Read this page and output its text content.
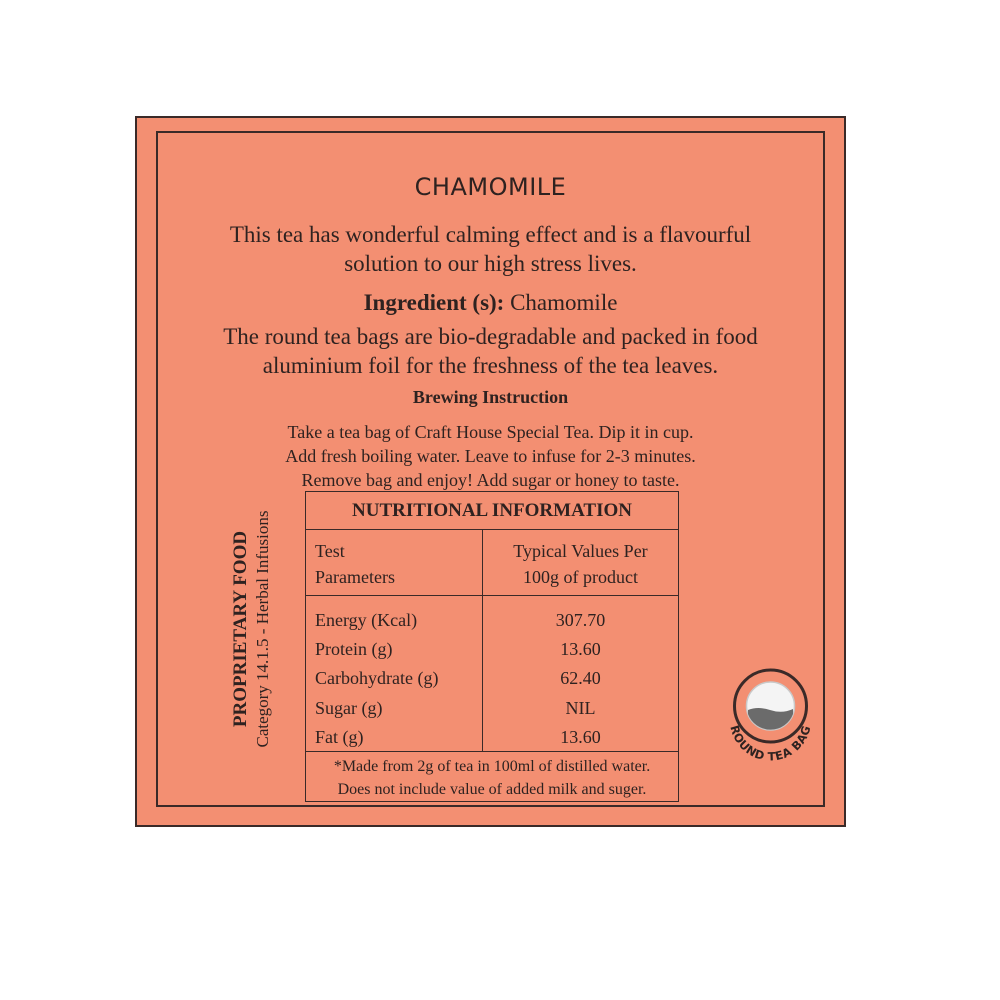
CHAMOMILE
This tea has wonderful calming effect and is a flavourful
solution to our high stress lives.
Ingredient (s): Chamomile
The round tea bags are bio-degradable and packed in food
aluminium foil for the freshness of the tea leaves.
Brewing Instruction
Take a tea bag of Craft House Special Tea. Dip it in cup.
Add fresh boiling water. Leave to infuse for 2-3 minutes.
Remove bag and enjoy! Add sugar or honey to taste.
PROPRIETARY FOOD Category 14.1.5 - Herbal Infusions
NUTRITIONAL INFORMATION
Test
Parameters
Typical Values Per
100g of product
Energy (Kcal)
Protein (g)
Carbohydrate (g)
Sugar (g)
Fat (g)
307.70
13.60
62.40
NIL
13.60
*Made from 2g of tea in 100ml of distilled water.
Does not include value of added milk and suger.
ROUND TEA BAG
